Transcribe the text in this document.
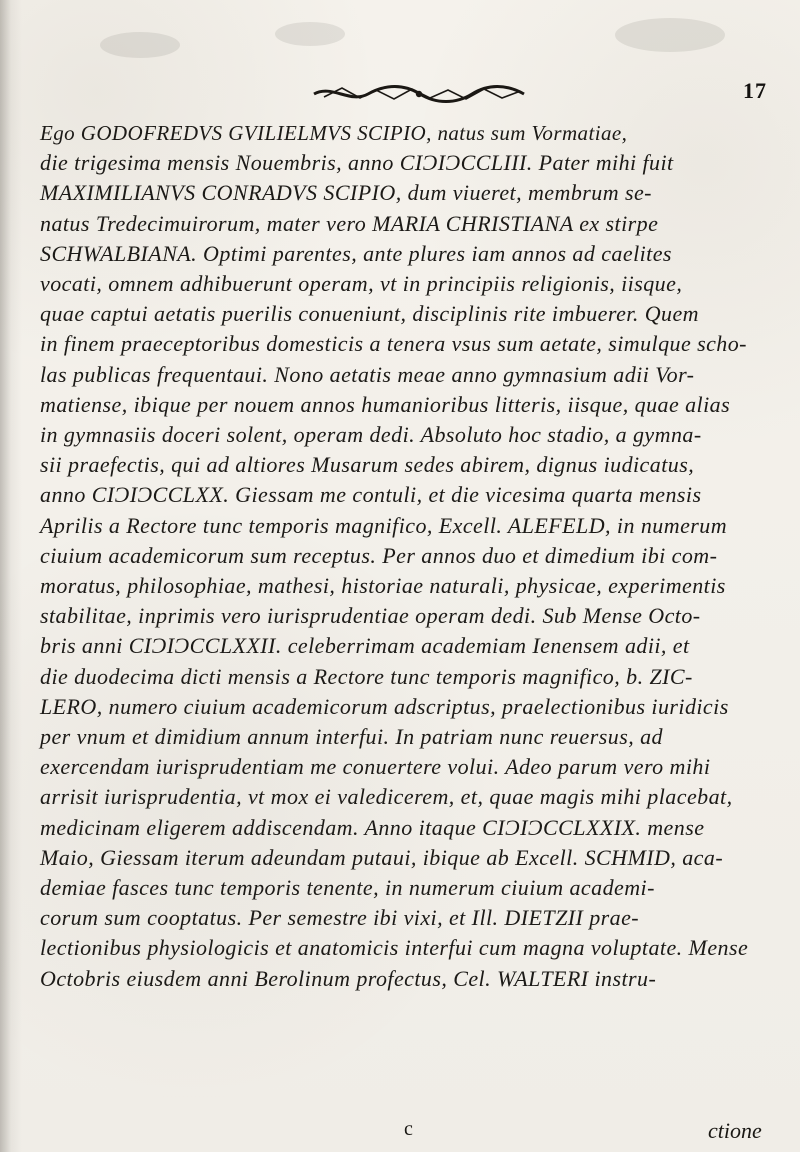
17
Ego GODOFREDVS GVILIELMVS SCIPIO, natus sum Vormatiae,
die trigesima mensis Nouembris, anno CIƆIƆCCLIII. Pater mihi fuit
MAXIMILIANVS CONRADVS SCIPIO, dum viueret, membrum se-
natus Tredecimuirorum, mater vero MARIA CHRISTIANA ex stirpe
SCHWALBIANA. Optimi parentes, ante plures iam annos ad caelites
vocati, omnem adhibuerunt operam, vt in principiis religionis, iisque,
quae captui aetatis puerilis conueniunt, disciplinis rite imbuerer. Quem
in finem praeceptoribus domesticis a tenera vsus sum aetate, simulque scho-
las publicas frequentaui. Nono aetatis meae anno gymnasium adii Vor-
matiense, ibique per nouem annos humanioribus litteris, iisque, quae alias
in gymnasiis doceri solent, operam dedi. Absoluto hoc stadio, a gymna-
sii praefectis, qui ad altiores Musarum sedes abirem, dignus iudicatus,
anno CIƆIƆCCLXX. Giessam me contuli, et die vicesima quarta mensis
Aprilis a Rectore tunc temporis magnifico, Excell. ALEFELD, in numerum
ciuium academicorum sum receptus. Per annos duo et dimedium ibi com-
moratus, philosophiae, mathesi, historiae naturali, physicae, experimentis
stabilitae, inprimis vero iurisprudentiae operam dedi. Sub Mense Octo-
bris anni CIƆIƆCCLXXII. celeberrimam academiam Ienensem adii, et
die duodecima dicti mensis a Rectore tunc temporis magnifico, b. ZIC-
LERO, numero ciuium academicorum adscriptus, praelectionibus iuridicis
per vnum et dimidium annum interfui. In patriam nunc reuersus, ad
exercendam iurisprudentiam me conuertere volui. Adeo parum vero mihi
arrisit iurisprudentia, vt mox ei valedicerem, et, quae magis mihi placebat,
medicinam eligerem addiscendam. Anno itaque CIƆIƆCCLXXIX. mense
Maio, Giessam iterum adeundam putaui, ibique ab Excell. SCHMID, aca-
demiae fasces tunc temporis tenente, in numerum ciuium academi-
corum sum cooptatus. Per semestre ibi vixi, et Ill. DIETZII prae-
lectionibus physiologicis et anatomicis interfui cum magna voluptate. Mense
Octobris eiusdem anni Berolinum profectus, Cel. WALTERI instru-
c	ctione
